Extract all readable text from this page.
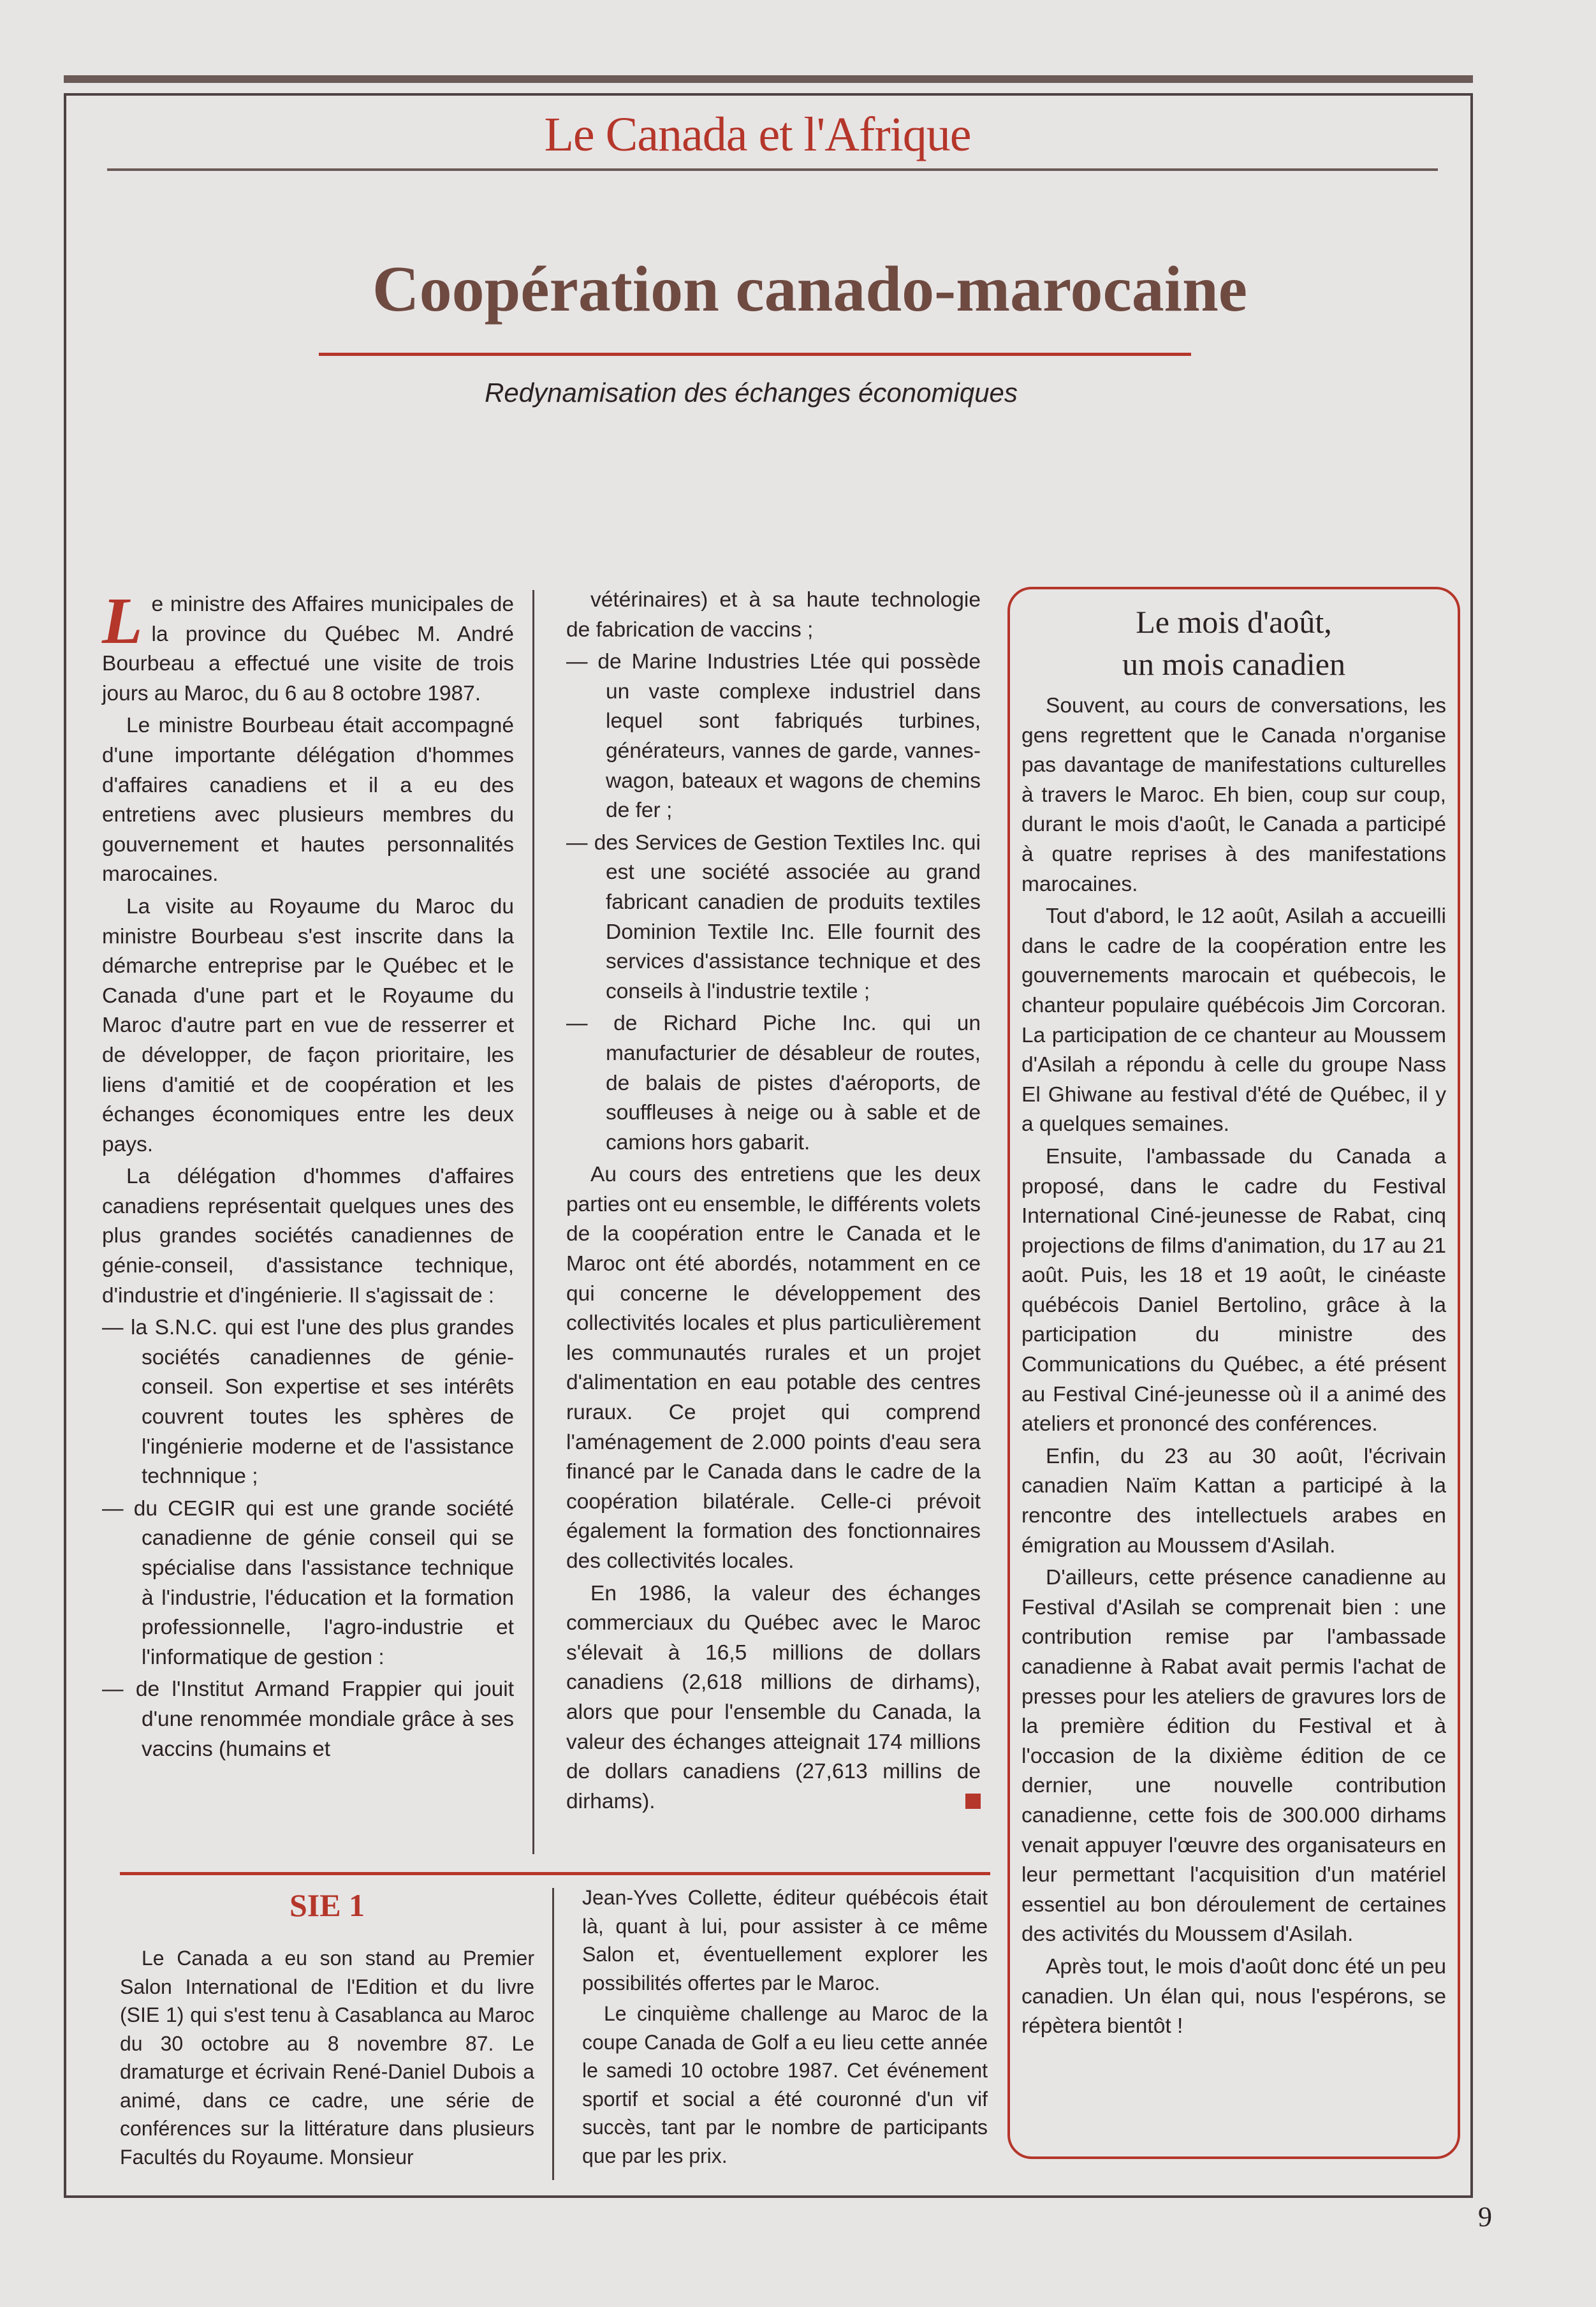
Le Canada et l'Afrique
Coopération canado-marocaine
Redynamisation des échanges économiques

Le ministre des Affaires municipales de la province du Québec M. André Bourbeau a effectué une visite de trois jours au Maroc, du 6 au 8 octobre 1987.

Le ministre Bourbeau était accompagné d'une importante délégation d'hommes d'affaires canadiens et il a eu des entretiens avec plusieurs membres du gouvernement et hautes personnalités marocaines.

La visite au Royaume du Maroc du ministre Bourbeau s'est inscrite dans la démarche entreprise par le Québec et le Canada d'une part et le Royaume du Maroc d'autre part en vue de resserrer et de développer, de façon prioritaire, les liens d'amitié et de coopération et les échanges économiques entre les deux pays.

La délégation d'hommes d'affaires canadiens représentait quelques unes des plus grandes sociétés canadiennes de génie-conseil, d'assistance technique, d'industrie et d'ingénierie. Il s'agissait de :

— la S.N.C. qui est l'une des plus grandes sociétés canadiennes de génie-conseil. Son expertise et ses intérêts couvrent toutes les sphères de l'ingénierie moderne et de l'assistance technnique ;

— du CEGIR qui est une grande société canadienne de génie conseil qui se spécialise dans l'assistance technique à l'industrie, l'éducation et la formation professionnelle, l'agro-industrie et l'informatique de gestion :

— de l'Institut Armand Frappier qui jouit d'une renommée mondiale grâce à ses vaccins (humains et

vétérinaires) et à sa haute technologie de fabrication de vaccins ;

— de Marine Industries Ltée qui possède un vaste complexe industriel dans lequel sont fabriqués turbines, générateurs, vannes de garde, vannes-wagon, bateaux et wagons de chemins de fer ;

— des Services de Gestion Textiles Inc. qui est une société associée au grand fabricant canadien de produits textiles Dominion Textile Inc. Elle fournit des services d'assistance technique et des conseils à l'industrie textile ;

— de Richard Piche Inc. qui un manufacturier de désableur de routes, de balais de pistes d'aéroports, de souffleuses à neige ou à sable et de camions hors gabarit.

Au cours des entretiens que les deux parties ont eu ensemble, le différents volets de la coopération entre le Canada et le Maroc ont été abordés, notamment en ce qui concerne le développement des collectivités locales et plus particulièrement les communautés rurales et un projet d'alimentation en eau potable des centres ruraux. Ce projet qui comprend l'aménagement de 2.000 points d'eau sera financé par le Canada dans le cadre de la coopération bilatérale. Celle-ci prévoit également la formation des fonctionnaires des collectivités locales.

En 1986, la valeur des échanges commerciaux du Québec avec le Maroc s'élevait à 16,5 millions de dollars canadiens (2,618 millions de dirhams), alors que pour l'ensemble du Canada, la valeur des échanges atteignait 174 millions de dollars canadiens (27,613 millins de dirhams).

Le mois d'août,
un mois canadien

Souvent, au cours de conversations, les gens regrettent que le Canada n'organise pas davantage de manifestations culturelles à travers le Maroc. Eh bien, coup sur coup, durant le mois d'août, le Canada a participé à quatre reprises à des manifestations marocaines.

Tout d'abord, le 12 août, Asilah a accueilli dans le cadre de la coopération entre les gouvernements marocain et québecois, le chanteur populaire québécois Jim Corcoran. La participation de ce chanteur au Moussem d'Asilah a répondu à celle du groupe Nass El Ghiwane au festival d'été de Québec, il y a quelques semaines.

Ensuite, l'ambassade du Canada a proposé, dans le cadre du Festival International Ciné-jeunesse de Rabat, cinq projections de films d'animation, du 17 au 21 août. Puis, les 18 et 19 août, le cinéaste québécois Daniel Bertolino, grâce à la participation du ministre des Communications du Québec, a été présent au Festival Ciné-jeunesse où il a animé des ateliers et prononcé des conférences.

Enfin, du 23 au 30 août, l'écrivain canadien Naïm Kattan a participé à la rencontre des intellectuels arabes en émigration au Moussem d'Asilah.

D'ailleurs, cette présence canadienne au Festival d'Asilah se comprenait bien : une contribution remise par l'ambassade canadienne à Rabat avait permis l'achat de presses pour les ateliers de gravures lors de la première édition du Festival et à l'occasion de la dixième édition de ce dernier, une nouvelle contribution canadienne, cette fois de 300.000 dirhams venait appuyer l'œuvre des organisateurs en leur permettant l'acquisition d'un matériel essentiel au bon déroulement de certaines des activités du Moussem d'Asilah.

Après tout, le mois d'août donc été un peu canadien. Un élan qui, nous l'espérons, se répètera bientôt !

SIE 1

Le Canada a eu son stand au Premier Salon International de l'Edition et du livre (SIE 1) qui s'est tenu à Casablanca au Maroc du 30 octobre au 8 novembre 87. Le dramaturge et écrivain René-Daniel Dubois a animé, dans ce cadre, une série de conférences sur la littérature dans plusieurs Facultés du Royaume. Monsieur

Jean-Yves Collette, éditeur québécois était là, quant à lui, pour assister à ce même Salon et, éventuellement explorer les possibilités offertes par le Maroc.

Le cinquième challenge au Maroc de la coupe Canada de Golf a eu lieu cette année le samedi 10 octobre 1987. Cet événement sportif et social a été couronné d'un vif succès, tant par le nombre de participants que par les prix.

9
